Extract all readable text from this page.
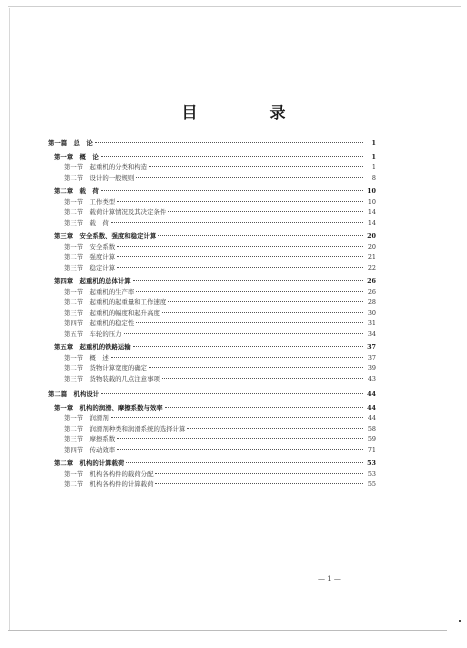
目　录
第一篇　总　论	1
第一章　概　论	1
第一节　起重机的分类和构造	1
第二节　设计的一般规则	8
第二章　载　荷	10
第一节　工作类型	10
第二节　载荷计算情况及其决定条件	14
第三节　载　荷	14
第三章　安全系数、强度和稳定计算	20
第一节　安全系数	20
第二节　强度计算	21
第三节　稳定计算	22
第四章　起重机的总体计算	26
第一节　起重机的生产率	26
第二节　起重机的起重量和工作速度	28
第三节　起重机的幅度和起升高度	30
第四节　起重机的稳定性	31
第五节　车轮的压力	34
第五章　起重机的铁路运输	37
第一节　概　述	37
第二节　货物计算宽度的确定	39
第三节　货物装载的几点注意事项	43
第二篇　机构设计	44
第一章　机构的润滑、摩擦系数与效率	44
第一节　润滑剂	44
第二节　润滑剂种类和润滑系统的选择计算	58
第三节　摩擦系数	59
第四节　传动效率	71
第二章　机构的计算载荷	53
第一节　机构各构件的载荷分配	53
第二节　机构各构件的计算载荷	55
— 1 —
